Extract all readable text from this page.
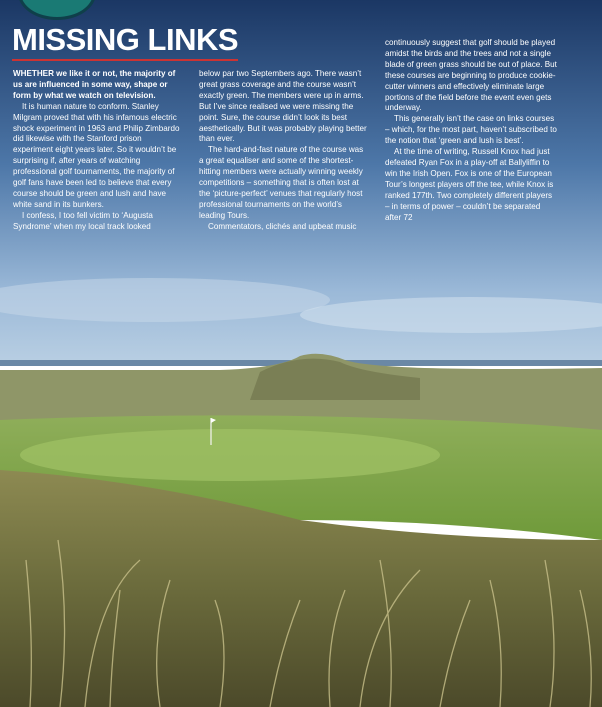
MISSING LINKS

WHETHER we like it or not, the majority of us are influenced in some way, shape or form by what we watch on television.

It is human nature to conform. Stanley Milgram proved that with his infamous electric shock experiment in 1963 and Philip Zimbardo did likewise with the Stanford prison experiment eight years later. So it wouldn’t be surprising if, after years of watching professional golf tournaments, the majority of golf fans have been led to believe that every course should be green and lush and have white sand in its bunkers.

I confess, I too fell victim to ‘Augusta Syndrome’ when my local track looked

below par two Septembers ago. There wasn’t great grass coverage and the course wasn’t exactly green. The members were up in arms. But I’ve since realised we were missing the point. Sure, the course didn’t look its best aesthetically. But it was probably playing better than ever.

The hard-and-fast nature of the course was a great equaliser and some of the shortest-hitting members were actually winning weekly competitions – something that is often lost at the ‘picture-perfect’ venues that regularly host professional tournaments on the world’s leading Tours.

Commentators, clichés and upbeat music

continuously suggest that golf should be played amidst the birds and the trees and not a single blade of green grass should be out of place. But these courses are beginning to produce cookie-cutter winners and effectively eliminate large portions of the field before the event even gets underway.

This generally isn’t the case on links courses – which, for the most part, haven’t subscribed to the notion that ‘green and lush is best’.

At the time of writing, Russell Knox had just defeated Ryan Fox in a play-off at Ballyliffin to win the Irish Open. Fox is one of the European Tour’s longest players off the tee, while Knox is ranked 177th. Two completely different players – in terms of power – couldn’t be separated after 72
